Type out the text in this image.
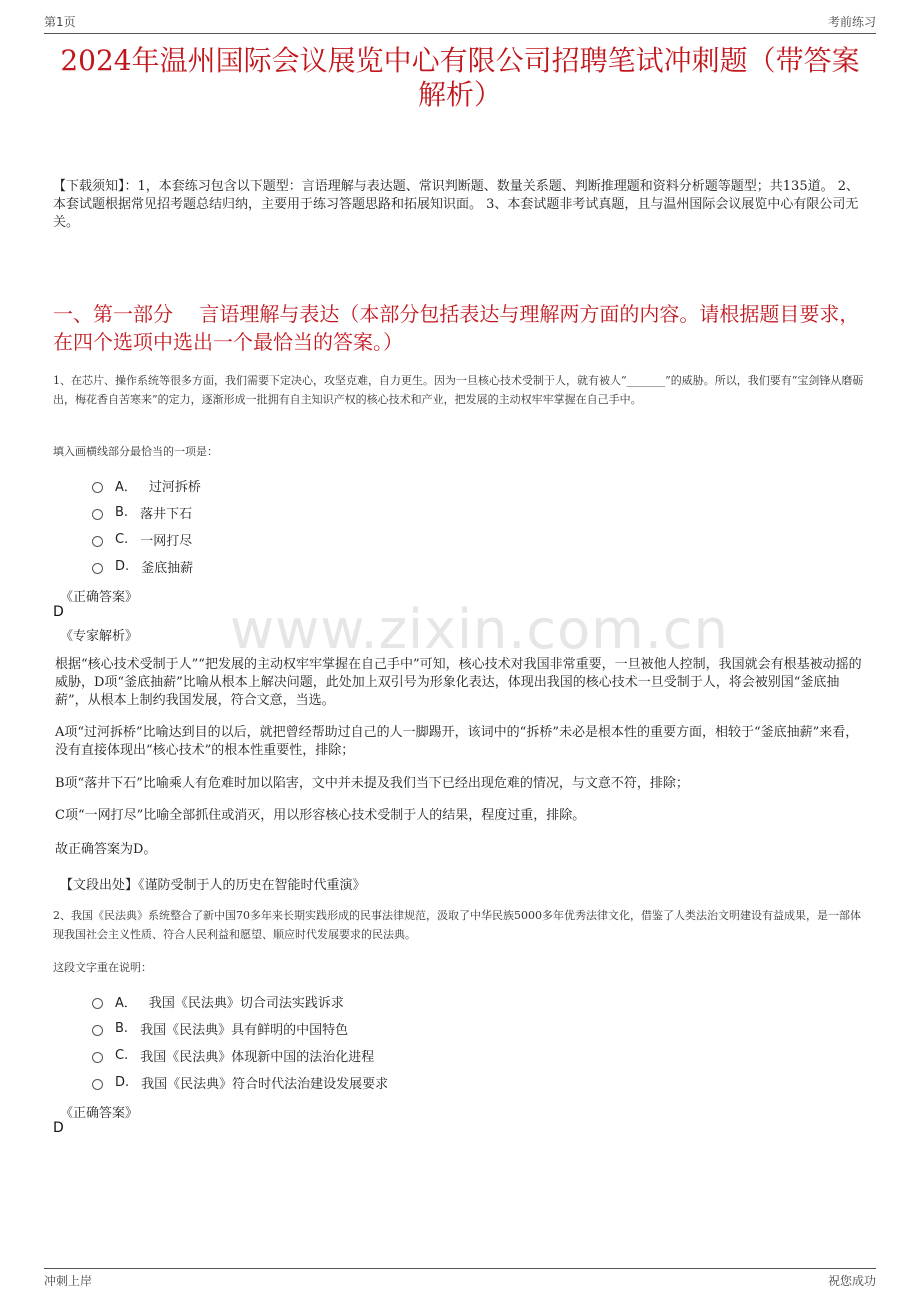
第1页	考前练习
2024年温州国际会议展览中心有限公司招聘笔试冲刺题（带答案解析）
【下载须知】：1，本套练习包含以下题型：言语理解与表达题、常识判断题、数量关系题、判断推理题和资料分析题等题型；共135道。 2、本套试题根据常见招考题总结归纳，主要用于练习答题思路和拓展知识面。 3、本套试题非考试真题，且与温州国际会议展览中心有限公司无关。
一、第一部分　 言语理解与表达（本部分包括表达与理解两方面的内容。请根据题目要求，在四个选项中选出一个最恰当的答案。）
www.zixin.com.cn
1、在芯片、操作系统等很多方面，我们需要下定决心，攻坚克难，自力更生。因为一旦核心技术受制于人，就有被人“_______”的威胁。所以，我们要有“宝剑锋从磨砺出，梅花香自苦寒来”的定力，逐渐形成一批拥有自主知识产权的核心技术和产业，把发展的主动权牢牢掌握在自己手中。
填入画横线部分最恰当的一项是：
A． 过河拆桥
B. 落井下石
C. 一网打尽
D. 釜底抽薪
《正确答案》
D
《专家解析》
根据“核心技术受制于人”“把发展的主动权牢牢掌握在自己手中”可知，核心技术对我国非常重要，一旦被他人控制，我国就会有根基被动摇的威胁，D项“釜底抽薪”比喻从根本上解决问题，此处加上双引号为形象化表达，体现出我国的核心技术一旦受制于人，将会被别国“釜底抽薪”，从根本上制约我国发展，符合文意，当选。
A项“过河拆桥”比喻达到目的以后，就把曾经帮助过自己的人一脚踢开，该词中的“拆桥”未必是根本性的重要方面，相较于“釜底抽薪”来看，没有直接体现出“核心技术”的根本性重要性，排除；
B项“落井下石”比喻乘人有危难时加以陷害，文中并未提及我们当下已经出现危难的情况，与文意不符，排除；
C项“一网打尽”比喻全部抓住或消灭，用以形容核心技术受制于人的结果，程度过重，排除。
故正确答案为D。
【文段出处】《谨防受制于人的历史在智能时代重演》
2、我国《民法典》系统整合了新中国70多年来长期实践形成的民事法律规范，汲取了中华民族5000多年优秀法律文化，借鉴了人类法治文明建设有益成果，是一部体现我国社会主义性质、符合人民利益和愿望、顺应时代发展要求的民法典。
这段文字重在说明：
A． 我国《民法典》切合司法实践诉求
B. 我国《民法典》具有鲜明的中国特色
C. 我国《民法典》体现新中国的法治化进程
D. 我国《民法典》符合时代法治建设发展要求
《正确答案》
D
冲刺上岸	祝您成功
